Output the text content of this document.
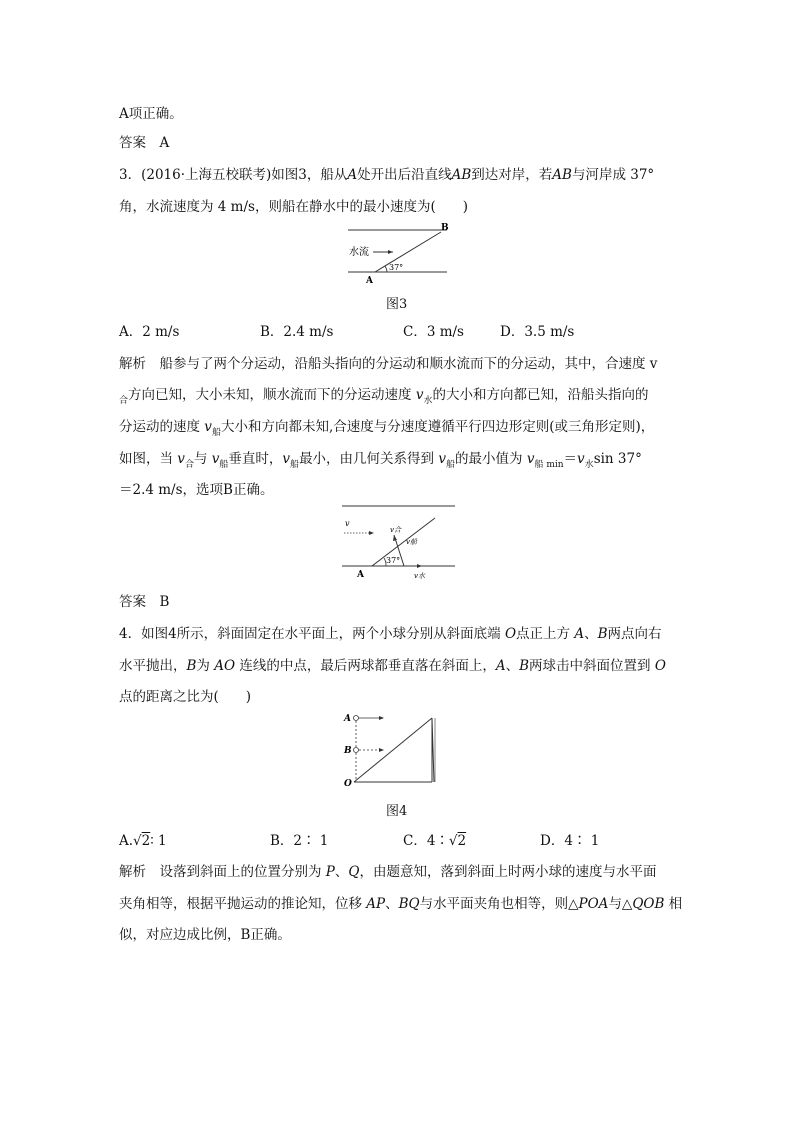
A项正确。
答案　A
3．(2016·上海五校联考)如图3，船从A处开出后沿直线AB到达对岸，若AB与河岸成 37°
角，水流速度为 4 m/s，则船在静水中的最小速度为(　　)
水流
A
B
37°
图3
A．2 m/s	B．2.4 m/s	C．3 m/s	D．3.5 m/s
解析　船参与了两个分运动，沿船头指向的分运动和顺水流而下的分运动，其中，合速度 v
$_合$方向已知，大小未知，顺水流而下的分运动速度 $v_水$的大小和方向都已知，沿船头指向的
分运动的速度 $v_船$大小和方向都未知,合速度与分速度遵循平行四边形定则(或三角形定则)，
如图，当 $v_合$与 $v_船$垂直时，$v_船$最小，由几何关系得到 $v_船$的最小值为 $v_{船 min}=v_水\sin$ 37°
＝2.4 m/s，选项B正确。
v
v合
v船
v水
A
37°
答案　B
4．如图4所示，斜面固定在水平面上，两个小球分别从斜面底端 O点正上方 A、B两点向右
水平抛出，B为 AO 连线的中点，最后两球都垂直落在斜面上，A、B两球击中斜面位置到 O
点的距离之比为(　　)
A
B
O
图4
A.√2∶ 1	B．2∶ 1	C．4∶√2	D．4∶ 1
解析　设落到斜面上的位置分别为 P、Q，由题意知，落到斜面上时两小球的速度与水平面
夹角相等，根据平抛运动的推论知，位移 AP、BQ与水平面夹角也相等，则△POA与△QOB 相
似，对应边成比例，B正确。
